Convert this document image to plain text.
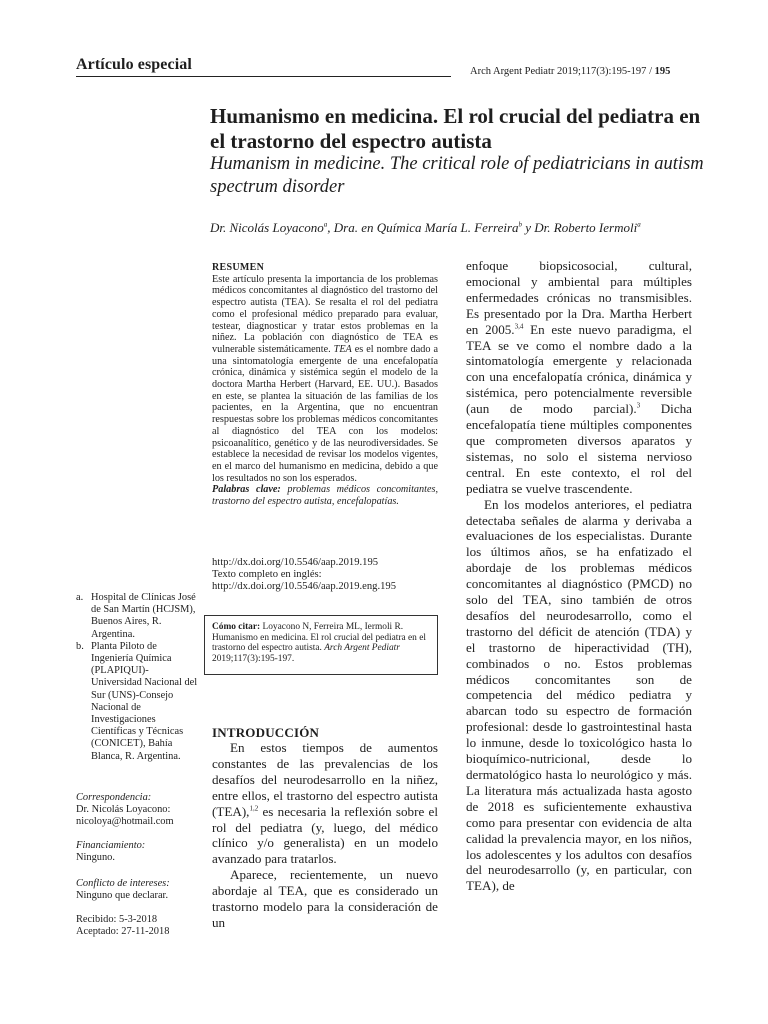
Artículo especial	Arch Argent Pediatr 2019;117(3):195-197 / 195
Humanismo en medicina. El rol crucial del pediatra en el trastorno del espectro autista
Humanism in medicine. The critical role of pediatricians in autism spectrum disorder
Dr. Nicolás Loyacono$^a$, Dra. en Química María L. Ferreira$^b$ y Dr. Roberto Iermoli$^a$
RESUMEN
Este artículo presenta la importancia de los problemas médicos concomitantes al diagnóstico del trastorno del espectro autista (TEA). Se resalta el rol del pediatra como el profesional médico preparado para evaluar, testear, diagnosticar y tratar estos problemas en la niñez. La población con diagnóstico de TEA es vulnerable sistemáticamente. TEA es el nombre dado a una sintomatología emergente de una encefalopatía crónica, dinámica y sistémica según el modelo de la doctora Martha Herbert (Harvard, EE. UU.). Basados en este, se plantea la situación de las familias de los pacientes, en la Argentina, que no encuentran respuestas sobre los problemas médicos concomitantes al diagnóstico del TEA con los modelos: psicoanalítico, genético y de las neurodiversidades. Se establece la necesidad de revisar los modelos vigentes, en el marco del humanismo en medicina, debido a que los resultados no son los esperados.
Palabras clave: problemas médicos concomitantes, trastorno del espectro autista, encefalopatías.
http://dx.doi.org/10.5546/aap.2019.195
Texto completo en inglés:
http://dx.doi.org/10.5546/aap.2019.eng.195
Cómo citar: Loyacono N, Ferreira ML, Iermoli R. Humanismo en medicina. El rol crucial del pediatra en el trastorno del espectro autista. Arch Argent Pediatr 2019;117(3):195-197.
a. Hospital de Clínicas José de San Martín (HCJSM), Buenos Aires, R. Argentina.
b. Planta Piloto de Ingeniería Química (PLAPIQUI)- Universidad Nacional del Sur (UNS)-Consejo Nacional de Investigaciones Científicas y Técnicas (CONICET), Bahía Blanca, R. Argentina.
Correspondencia:
Dr. Nicolás Loyacono:
nicoloya@hotmail.com
Financiamiento:
Ninguno.
Conflicto de intereses:
Ninguno que declarar.
Recibido: 5-3-2018
Aceptado: 27-11-2018
INTRODUCCIÓN

En estos tiempos de aumentos constantes de las prevalencias de los desafíos del neurodesarrollo en la niñez, entre ellos, el trastorno del espectro autista (TEA),$^{1,2}$ es necesaria la reflexión sobre el rol del pediatra (y, luego, del médico clínico y/o generalista) en un modelo avanzado para tratarlos.

Aparece, recientemente, un nuevo abordaje al TEA, que es considerado un trastorno modelo para la consideración de un

enfoque biopsicosocial, cultural, emocional y ambiental para múltiples enfermedades crónicas no transmisibles. Es presentado por la Dra. Martha Herbert en 2005.$^{3,4}$ En este nuevo paradigma, el TEA se ve como el nombre dado a la sintomatología emergente y relacionada con una encefalopatía crónica, dinámica y sistémica, pero potencialmente reversible (aun de modo parcial).$^3$ Dicha encefalopatía tiene múltiples componentes que comprometen diversos aparatos y sistemas, no solo el sistema nervioso central. En este contexto, el rol del pediatra se vuelve trascendente.

En los modelos anteriores, el pediatra detectaba señales de alarma y derivaba a evaluaciones de los especialistas. Durante los últimos años, se ha enfatizado el abordaje de los problemas médicos concomitantes al diagnóstico (PMCD) no solo del TEA, sino también de otros desafíos del neurodesarrollo, como el trastorno del déficit de atención (TDA) y el trastorno de hiperactividad (TH), combinados o no. Estos problemas médicos concomitantes son de competencia del médico pediatra y abarcan todo su espectro de formación profesional: desde lo gastrointestinal hasta lo inmune, desde lo toxicológico hasta lo bioquímico-nutricional, desde lo dermatológico hasta lo neurológico y más. La literatura más actualizada hasta agosto de 2018 es suficientemente exhaustiva como para presentar con evidencia de alta calidad la prevalencia mayor, en los niños, los adolescentes y los adultos con desafíos del neurodesarrollo (y, en particular, con TEA), de
